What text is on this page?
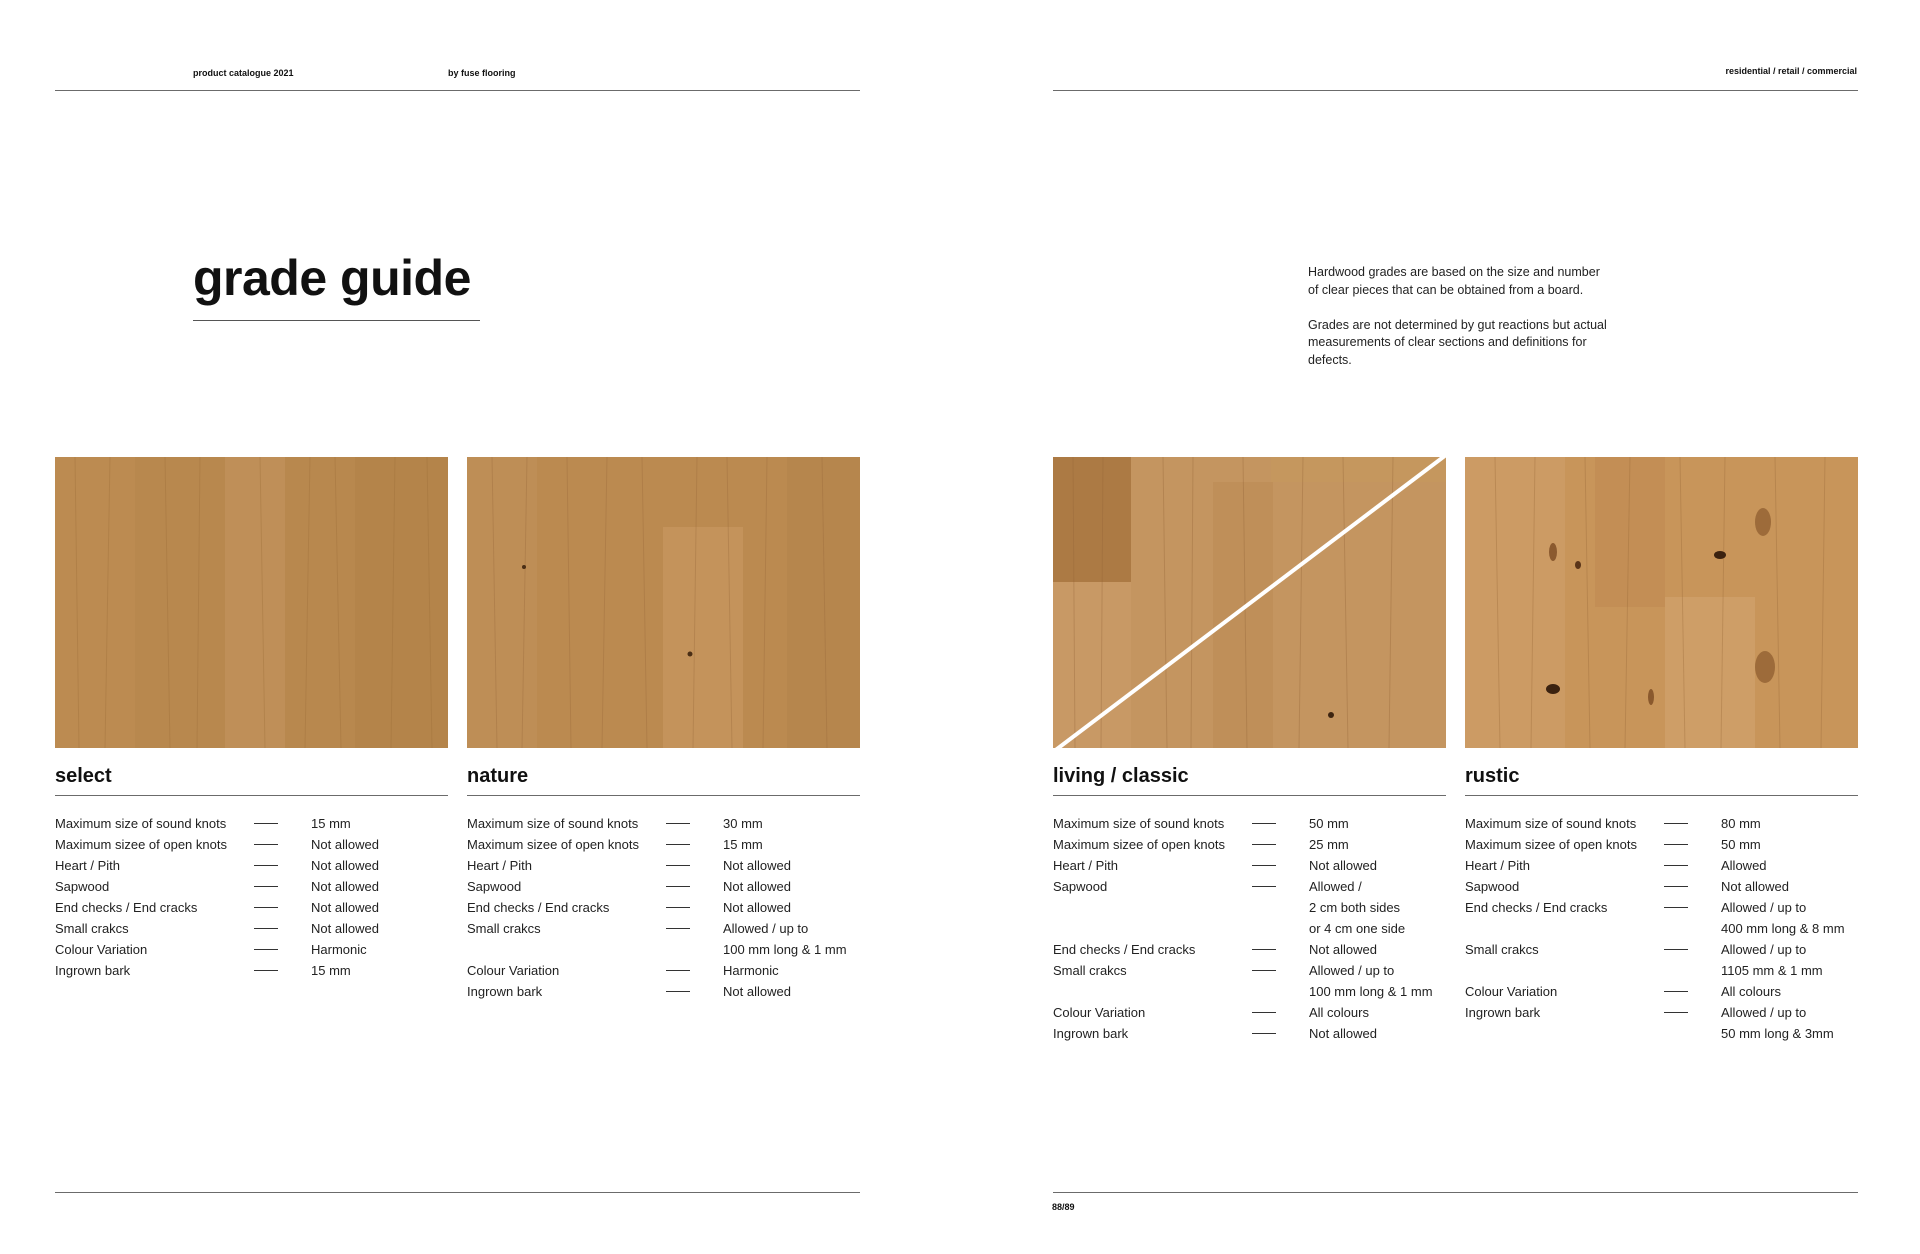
product catalogue 2021	by fuse flooring	residential / retail / commercial
grade guide	Hardwood grades are based on the size and number of clear pieces that can be obtained from a board.

Grades are not determined by gut reactions but actual measurements of clear sections and definitions for defects.

select
Maximum size of sound knots	15 mm
Maximum sizee of open knots	Not allowed
Heart / Pith	Not allowed
Sapwood	Not allowed
End checks / End cracks	Not allowed
Small crakcs	Not allowed
Colour Variation	Harmonic
Ingrown bark	15 mm
nature
Maximum size of sound knots	30 mm
Maximum sizee of open knots	15 mm
Heart / Pith	Not allowed
Sapwood	Not allowed
End checks / End cracks	Not allowed
Small crakcs	Allowed / up to
100 mm long & 1 mm
Colour Variation	Harmonic
Ingrown bark	Not allowed
living / classic
Maximum size of sound knots	50 mm
Maximum sizee of open knots	25 mm
Heart / Pith	Not allowed
Sapwood	Allowed /
2 cm both sides
or 4 cm one side
End checks / End cracks	Not allowed
Small crakcs	Allowed / up to
100 mm long & 1 mm
Colour Variation	All colours
Ingrown bark	Not allowed
rustic
Maximum size of sound knots	80 mm
Maximum sizee of open knots	50 mm
Heart / Pith	Allowed
Sapwood	Not allowed
End checks / End cracks	Allowed / up to
400 mm long & 8 mm
Small crakcs	Allowed / up to
1105 mm & 1 mm
Colour Variation	All colours
Ingrown bark	Allowed / up to
50 mm long & 3mm
88/89
